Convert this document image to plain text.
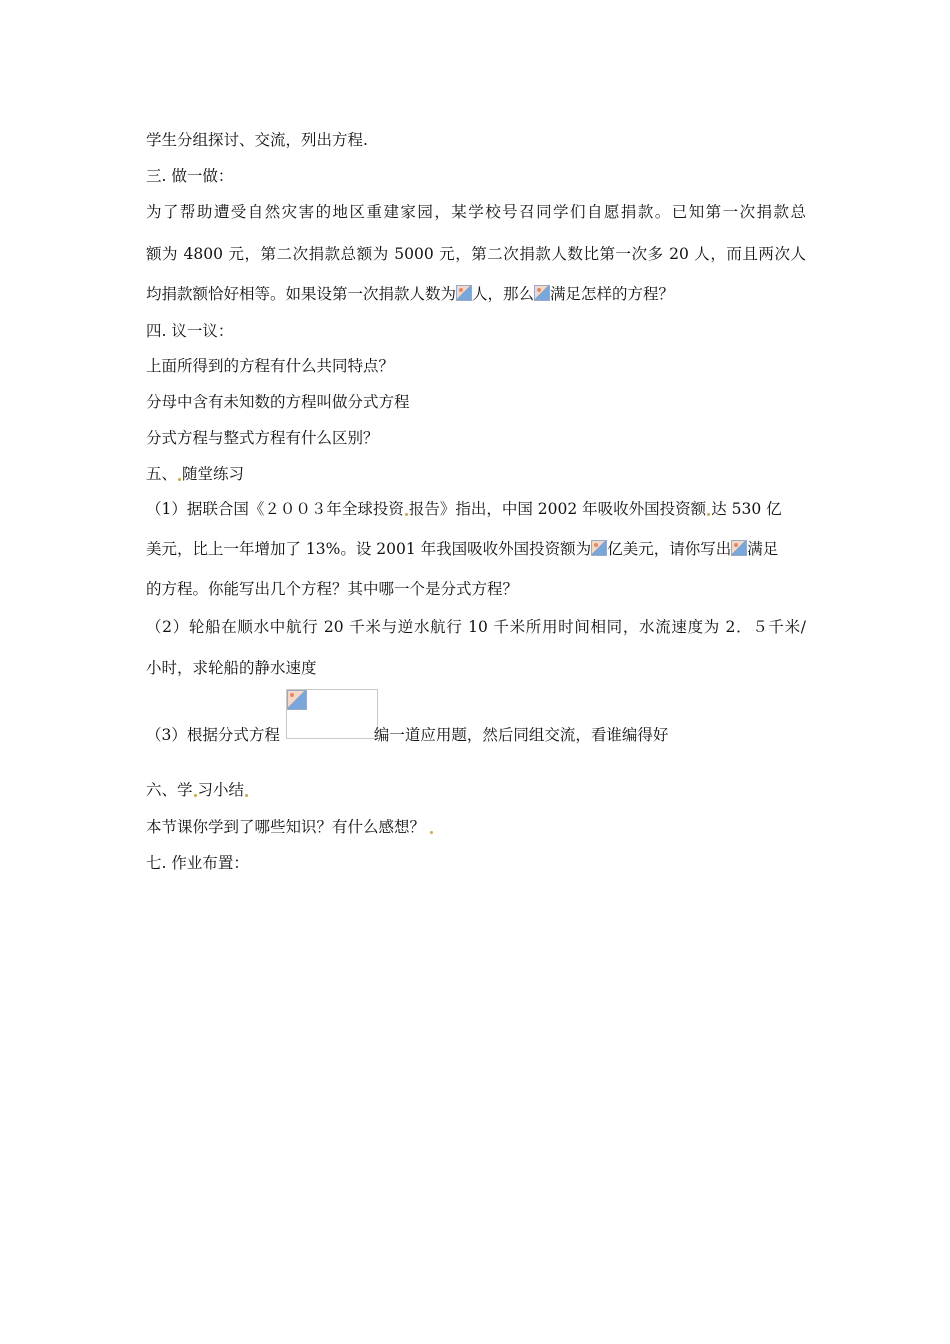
学生分组探讨、交流，列出方程.
三. 做一做：
为了帮助遭受自然灾害的地区重建家园，某学校号召同学们自愿捐款。已知第一次捐款总
额为 4800 元，第二次捐款总额为 5000 元，第二次捐款人数比第一次多 20 人，而且两次人
均捐款额恰好相等。如果设第一次捐款人数为 人，那么 满足怎样的方程？
四. 议一议：
上面所得到的方程有什么共同特点？
分母中含有未知数的方程叫做分式方程
分式方程与整式方程有什么区别？
五、 随堂练习
（1）据联合国《２００３年全球投资 报告》指出，中国 2002 年吸收外国投资额 达 530 亿
美元，比上一年增加了 13%。设 2001 年我国吸收外国投资额为 亿美元，请你写出 满足
的方程。你能写出几个方程？其中哪一个是分式方程？
（2）轮船在顺水中航行 20 千米与逆水航行 10 千米所用时间相同，水流速度为 2．５千米/
小时，求轮船的静水速度
（3）根据分式方程	编一道应用题，然后同组交流，看谁编得好
六、学 习小结
本节课你学到了哪些知识？有什么感想？
七. 作业布置：
